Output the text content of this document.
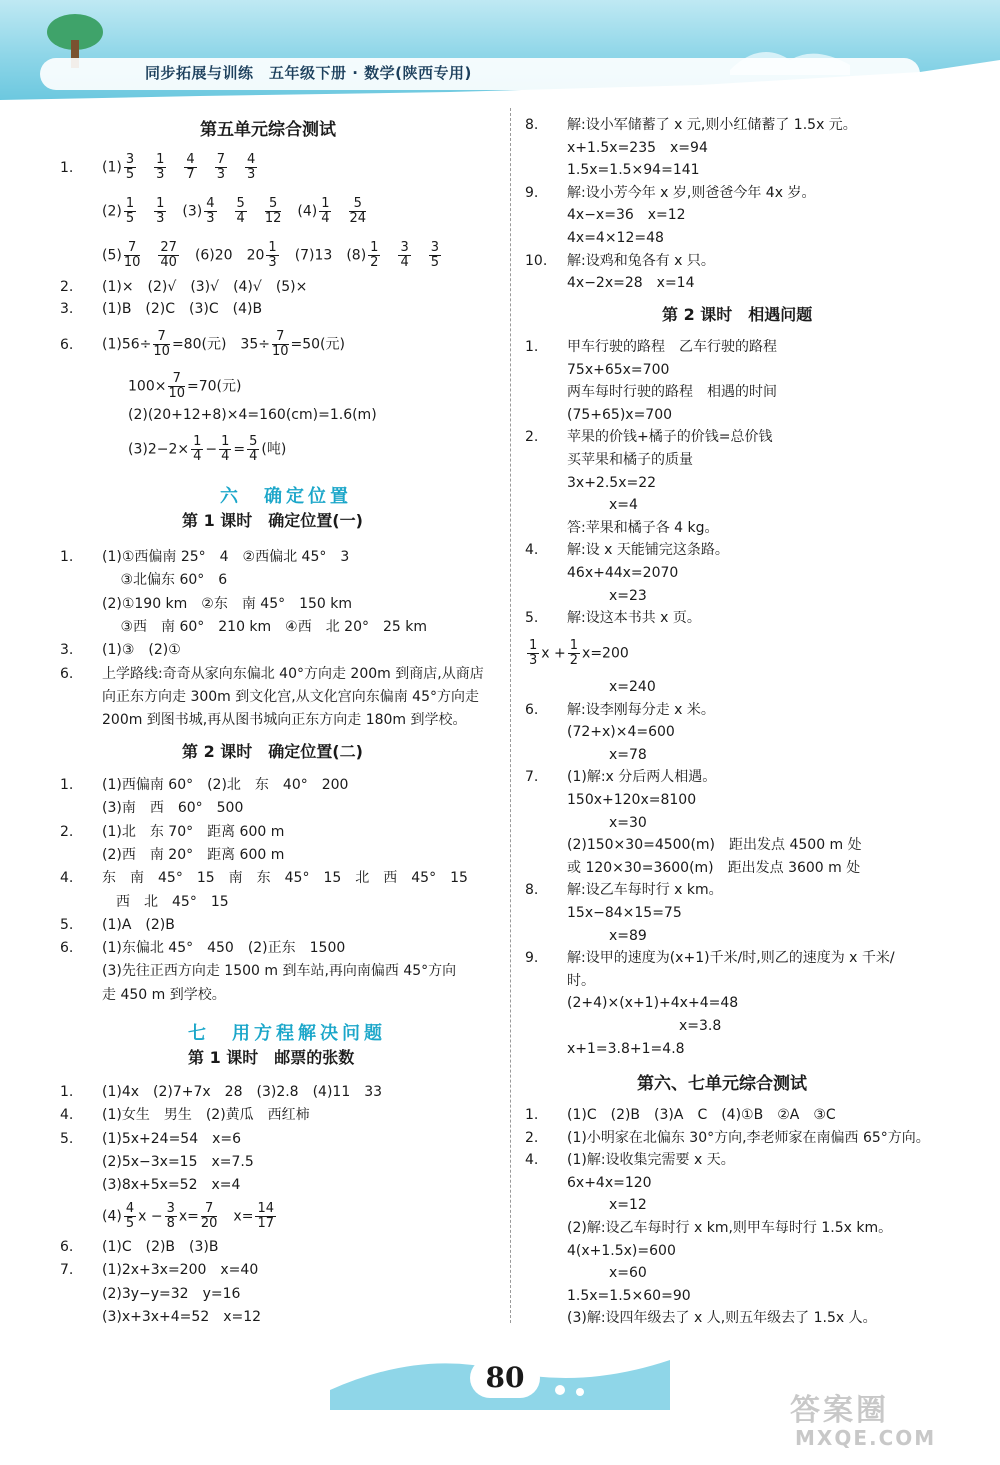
同步拓展与训练　五年级下册 · 数学(陕西专用)
第五单元综合测试
1. $(1) \frac{3}{5}$
　 $\frac{1}{3}$
　 $\frac{4}{7}$
　 $\frac{7}{3}$
　 $\frac{4}{3}$
$(2) \frac{1}{5}$
　 $\frac{1}{3}$
　 $(3) \frac{4}{3}$
　 $\frac{5}{4}$
　 $\frac{5}{12}$
　 $(4) \frac{1}{4}$
　 $\frac{5}{24}$
$(5) \frac{7}{10}$
　 $\frac{27}{40}$
　 (6)20　$20 \frac{1}{3}$
　 (7)13　$(8) \frac{1}{2}$
　 $\frac{3}{4}$
　 $\frac{3}{5}$
2. (1)×　(2)√　(3)√　(4)√　(5)×
3. (1)B　(2)C　(3)C　(4)B
6. $(1)56\div \frac{7}{10} =80$(元)　$35\div \frac{7}{10} =50$(元)
$100\times \frac{7}{10} =70$(元)
(2)(20+12+8)×4=160(cm)=1.6(m)
$(3)2-2\times \frac{1}{4} - \frac{1}{4} = \frac{5}{4}$ (吨)
六　确定位置
第 1 课时　确定位置(一)
1. (1)①西偏南 25°　4　②西偏北 45°　3
　 ③北偏东 60°　6
(2)①190 km　②东　南 45°　150 km
　 ③西　南 60°　210 km　④西　北 20°　25 km
3. (1)③　(2)①
6. 上学路线:奇奇从家向东偏北 40°方向走 200m 到商店,从商店
向正东方向走 300m 到文化宫,从文化宫向东偏南 45°方向走
200m 到图书城,再从图书城向正东方向走 180m 到学校。
第 2 课时　确定位置(二)
1. (1)西偏南 60°　(2)北　东　40°　200
(3)南　西　60°　500
2. (1)北　东 70°　距离 600 m
(2)西　南 20°　距离 600 m
4. 东　南　45°　15　南　东　45°　15　北　西　45°　15
　西　北　45°　15
5. (1)A　(2)B
6. (1)东偏北 45°　450　(2)正东　1500
(3)先往正西方向走 1500 m 到车站,再向南偏西 45°方向
走 450 m 到学校。
七　用方程解决问题
第 1 课时　邮票的张数
1. (1)4x　(2)7+7x　28　(3)2.8　(4)11　33
4. (1)女生　男生　(2)黄瓜　西红柿
5. (1)5x+24=54　x=6
(2)5x−3x=15　x=7.5
(3)8x+5x=52　x=4
$(4) \frac{4}{5}$ $x - \frac{3}{8} x= \frac{7}{20}$ 　$x= \frac{14}{17}$
6. (1)C　(2)B　(3)B
7. (1)2x+3x=200　x=40
(2)3y−y=32　y=16
(3)x+3x+4=52　x=12
8. 解:设小军储蓄了 x 元,则小红储蓄了 1.5x 元。
x+1.5x=235　x=94
1.5x=1.5×94=141
9. 解:设小芳今年 x 岁,则爸爸今年 4x 岁。
4x−x=36　x=12
4x=4×12=48
10. 解:设鸡和兔各有 x 只。
4x−2x=28　x=14
第 2 课时　相遇问题
1. 甲车行驶的路程　乙车行驶的路程
75x+65x=700
两车每时行驶的路程　相遇的时间
(75+65)x=700
2. 苹果的价钱+橘子的价钱=总价钱
买苹果和橘子的质量
3x+2.5x=22
　　　x=4
答:苹果和橘子各 4 kg。
4. 解:设 x 天能铺完这条路。
46x+44x=2070
　　　x=23
5. 解:设这本书共 x 页。
$\frac{1}{3}$ $x + \frac{1}{2} x=200$
　　　x=240
6. 解:设李刚每分走 x 米。
(72+x)×4=600
　　　x=78
7. (1)解:x 分后两人相遇。
150x+120x=8100
　　　x=30
(2)150×30=4500(m)　距出发点 4500 m 处
或 120×30=3600(m)　距出发点 3600 m 处
8. 解:设乙车每时行 x km。
15x−84×15=75
　　　x=89
9. 解:设甲的速度为(x+1)千米/时,则乙的速度为 x 千米/
时。
(2+4)×(x+1)+4x+4=48
　　　　　　　　x=3.8
x+1=3.8+1=4.8
第六、七单元综合测试
1. (1)C　(2)B　(3)A　C　(4)①B　②A　③C
2. (1)小明家在北偏东 30°方向,李老师家在南偏西 65°方向。
4. (1)解:设收集完需要 x 天。
6x+4x=120
　　　x=12
(2)解:设乙车每时行 x km,则甲车每时行 1.5x km。
4(x+1.5x)=600
　　　x=60
1.5x=1.5×60=90
(3)解:设四年级去了 x 人,则五年级去了 1.5x 人。
80
答案圈
MXQE.COM
